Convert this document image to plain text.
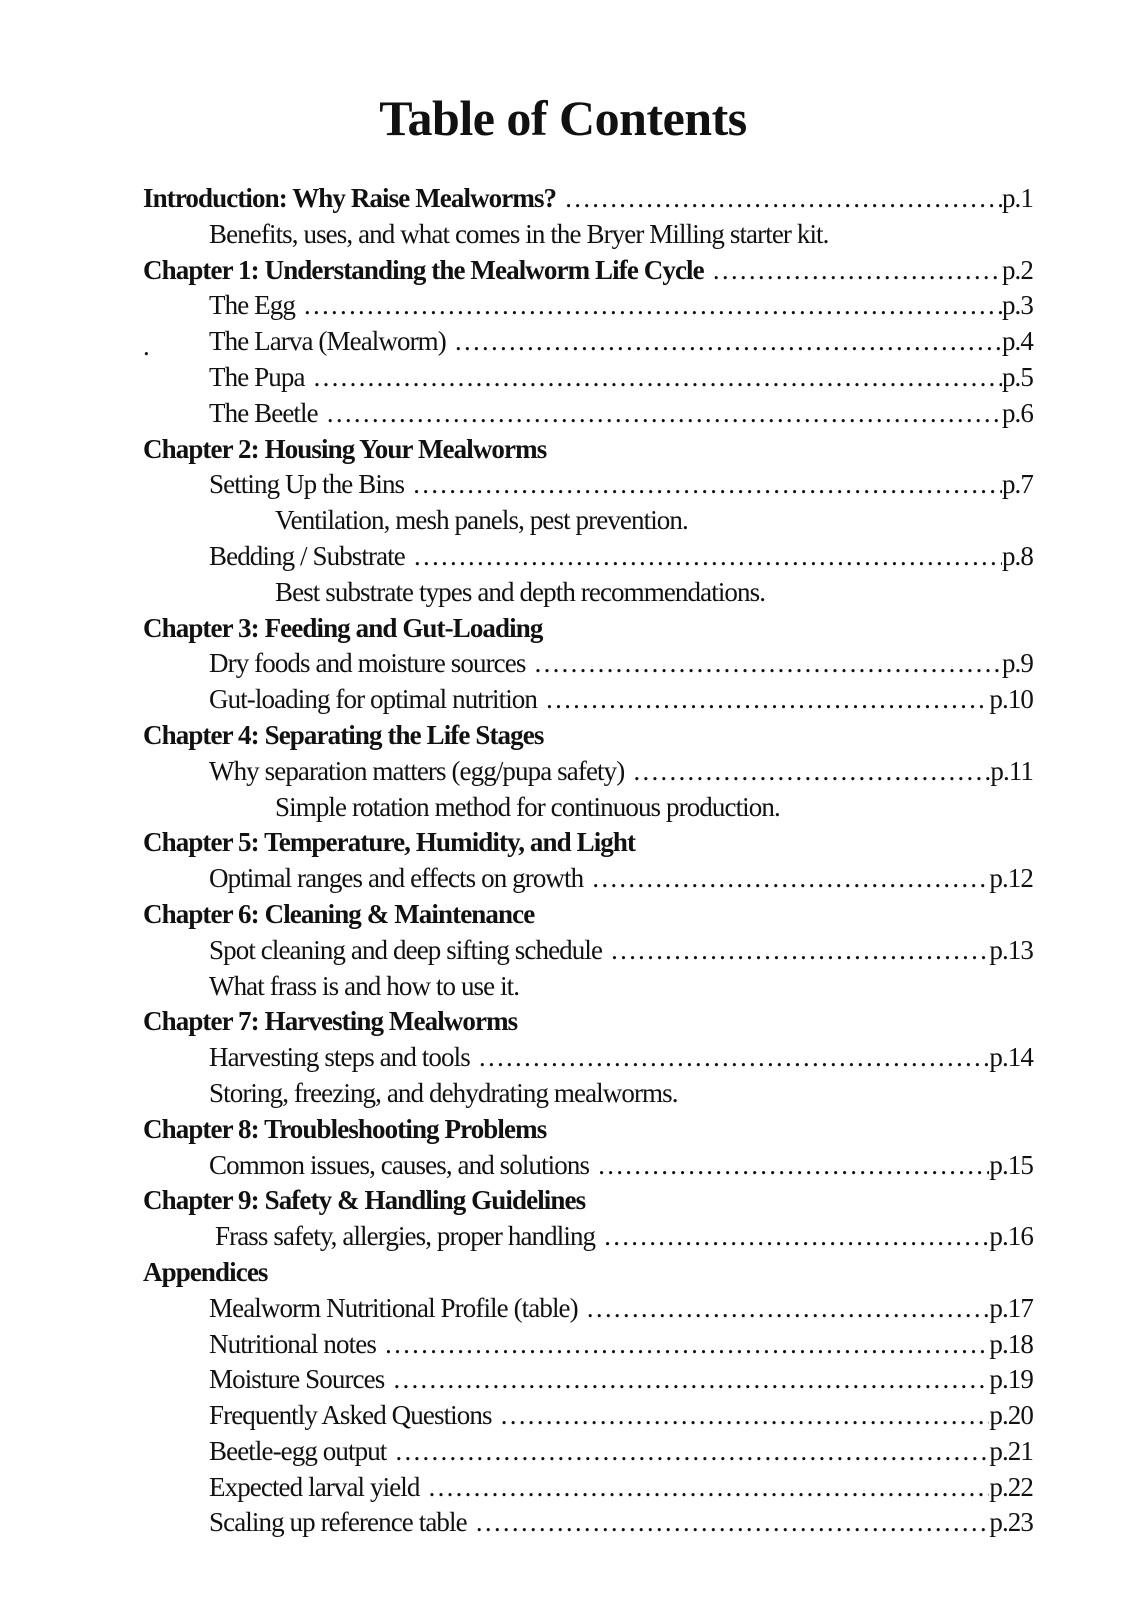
Table of Contents
.
Introduction: Why Raise Mealworms? …………………………………………………………………………………………………………………………………	p.1
Benefits, uses, and what comes in the Bryer Milling starter kit.
Chapter 1: Understanding the Mealworm Life Cycle …………………………………………………………………………………………………………………………………	p.2
The Egg …………………………………………………………………………………………………………………………………	p.3
The Larva (Mealworm) …………………………………………………………………………………………………………………………………	p.4
The Pupa …………………………………………………………………………………………………………………………………	p.5
The Beetle …………………………………………………………………………………………………………………………………	p.6
Chapter 2: Housing Your Mealworms
Setting Up the Bins …………………………………………………………………………………………………………………………………	p.7
Ventilation, mesh panels, pest prevention.
Bedding / Substrate …………………………………………………………………………………………………………………………………	p.8
Best substrate types and depth recommendations.
Chapter 3: Feeding and Gut-Loading
Dry foods and moisture sources …………………………………………………………………………………………………………………………………	p.9
Gut-loading for optimal nutrition …………………………………………………………………………………………………………………………………	p.10
Chapter 4: Separating the Life Stages
Why separation matters (egg/pupa safety) …………………………………………………………………………………………………………………………………	p.11
Simple rotation method for continuous production.
Chapter 5: Temperature, Humidity, and Light
Optimal ranges and effects on growth …………………………………………………………………………………………………………………………………	p.12
Chapter 6: Cleaning & Maintenance
Spot cleaning and deep sifting schedule …………………………………………………………………………………………………………………………………	p.13
What frass is and how to use it.
Chapter 7: Harvesting Mealworms
Harvesting steps and tools …………………………………………………………………………………………………………………………………	p.14
Storing, freezing, and dehydrating mealworms.
Chapter 8: Troubleshooting Problems
Common issues, causes, and solutions …………………………………………………………………………………………………………………………………	p.15
Chapter 9: Safety & Handling Guidelines
Frass safety, allergies, proper handling …………………………………………………………………………………………………………………………………	p.16
Appendices
Mealworm Nutritional Profile (table) …………………………………………………………………………………………………………………………………	p.17
Nutritional notes …………………………………………………………………………………………………………………………………	p.18
Moisture Sources …………………………………………………………………………………………………………………………………	p.19
Frequently Asked Questions …………………………………………………………………………………………………………………………………	p.20
Beetle-egg output …………………………………………………………………………………………………………………………………	p.21
Expected larval yield …………………………………………………………………………………………………………………………………	p.22
Scaling up reference table …………………………………………………………………………………………………………………………………	p.23
